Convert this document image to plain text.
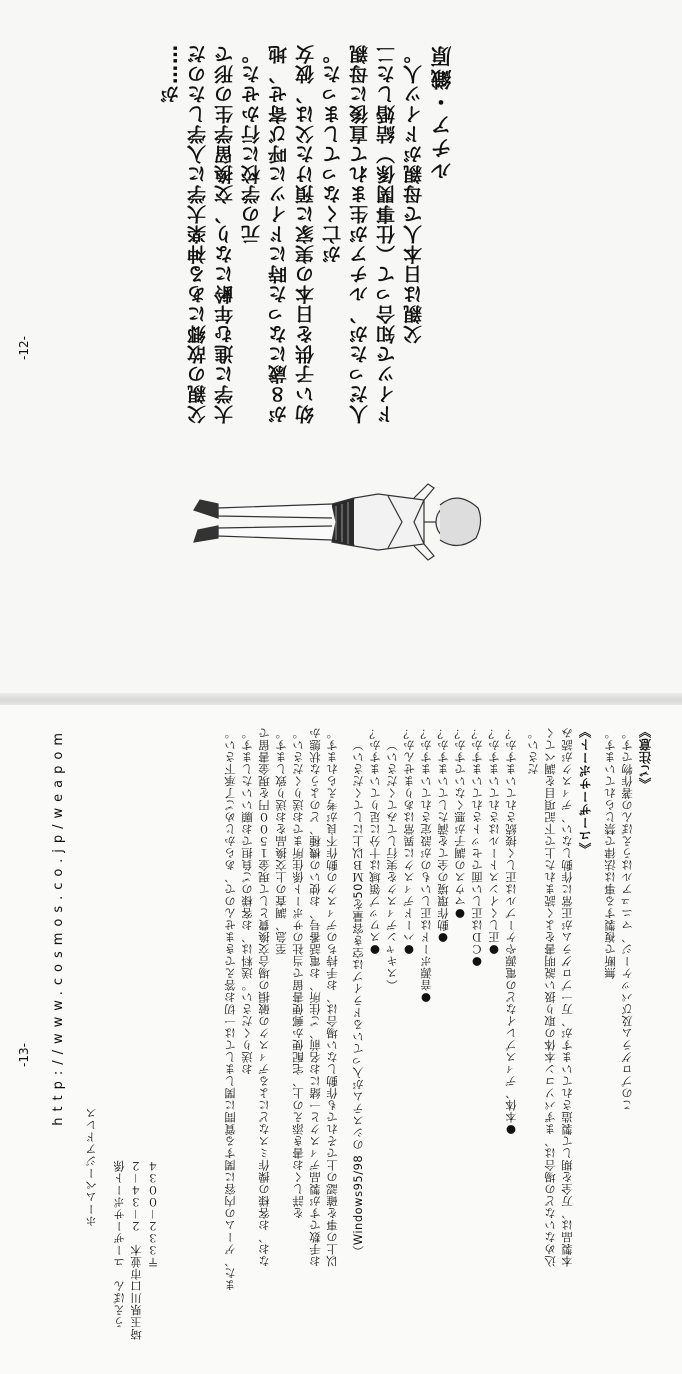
ルチア・織原
父親は日本人で母親がドイツ人。
ドイツで知合って（仕事関係）結婚した二
人だったが、ルチアが生まれて直後に母親
が亡くなってしまった。
幼い子供を日本の実家に預けた父は、彼女
が８歳になった時にドイツに呼び寄せ、地
元の学校に行かせた。
大学に進む年齢になり、交換留学生の形で
父親の故郷にある神楽大学に入学したのだ
が……
-12-
《ご注意》
このプログラム及びパッケージ、マニュアルはうえぽんの著作物です。
無断で複製する事は法律で禁じられています。
《ユーザーサポート》
本製品は、万全を期して製造されていますが、万一プログラムが正常に作動しない、ディスクが読み
込めないなどの場合は、まずパソコン本体の取り扱い説明書をよく読まれた上で下記項目を調べてく
ださい。
●本体、ディスプレイなどの電源やケーブルは正しく接続されていますか？
●正しくインストールはされていますか？
●ＣＤは正しい面でセットされていますか？
●マウスの調子が悪くないですか？
●動作環境の全てを満たしていますか？
●音源ボードは正しいものが設定されていますか？
●ハードディスクに異常はありませんか？
（スキャンディスクを実行してみてください）
●スワップ領域は十分に足りていますか？
（Windows95/98 のシステムが入っているドライブは空き容量を50ＭＢ以上にしてください）
以上の事を確認の上でそれでも作動しない場合は、お手持ちのディスクの動作不良が考えられます。
お手数ですが製品ディスクと一緒にお名前、ご住所、お電話番号、お使いの機種、どのような状態か
を詳しくお書き添えの上、宅配便か郵便書留で当社のサポート係住所までお送りください。
至急、調査の上交換品をお送り致します。
なお、お客様の操作ミスなどによるディスクの破損の場合交換費として現金１５００円を現金書留で
お送りください。送料は、お客様のご負担でお願いいたします。
また、ゲームの内容に関する質問に関しましては一切お答えできませんので、あらかじめご了承下さい。
〒３３２－００３４
埼玉県川口市並木　２－３４－２
うえぽん　ユーザーサポート係
ホームページアドレス
http://www.cosmos.co.jp/weapom
-13-
